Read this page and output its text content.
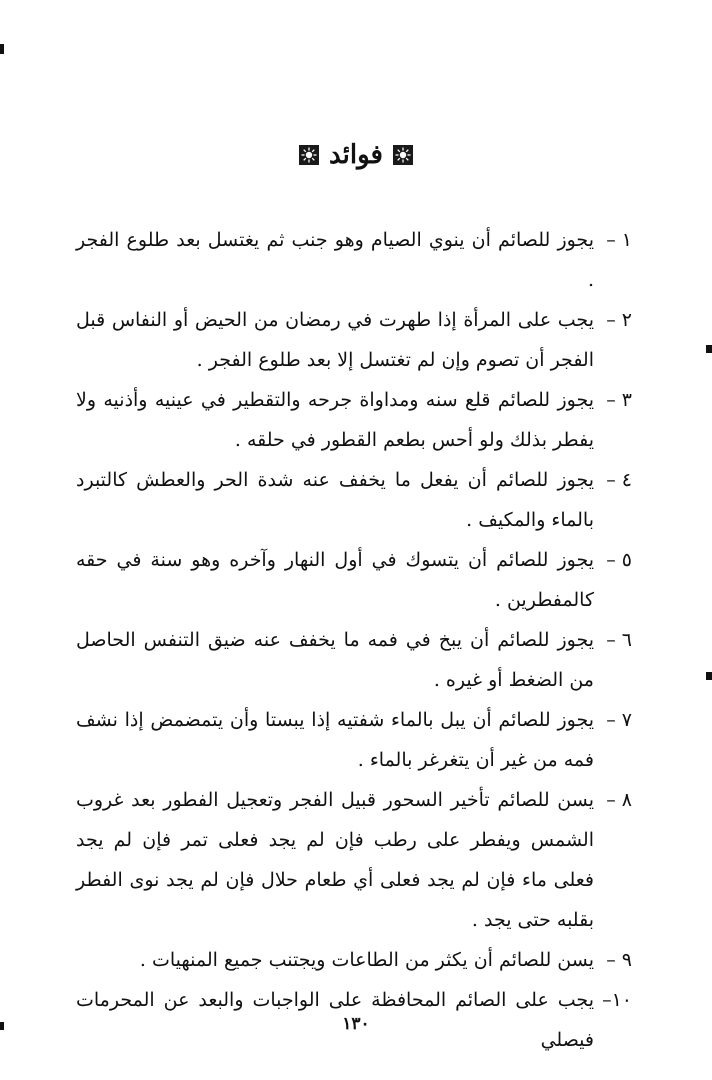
فوائد
١ –
يجوز للصائم أن ينوي الصيام وهو جنب ثم يغتسل بعد طلوع الفجر .
٢ –
يجب على المرأة إذا طهرت في رمضان من الحيض أو النفاس قبل الفجر أن تصوم وإن لم تغتسل إلا بعد طلوع الفجر .
٣ –
يجوز للصائم قلع سنه ومداواة جرحه والتقطير في عينيه وأذنيه ولا يفطر بذلك ولو أحس بطعم القطور في حلقه .
٤ –
يجوز للصائم أن يفعل ما يخفف عنه شدة الحر والعطش كالتبرد بالماء والمكيف .
٥ –
يجوز للصائم أن يتسوك في أول النهار وآخره وهو سنة في حقه كالمفطرين .
٦ –
يجوز للصائم أن يبخ في فمه ما يخفف عنه ضيق التنفس الحاصل من الضغط أو غيره .
٧ –
يجوز للصائم أن يبل بالماء شفتيه إذا يبستا وأن يتمضمض إذا نشف فمه من غير أن يتغرغر بالماء .
٨ –
يسن للصائم تأخير السحور قبيل الفجر وتعجيل الفطور بعد غروب الشمس ويفطر على رطب فإن لم يجد فعلى تمر فإن لم يجد فعلى ماء فإن لم يجد فعلى أي طعام حلال فإن لم يجد نوى الفطر بقلبه حتى يجد .
٩ –
يسن للصائم أن يكثر من الطاعات ويجتنب جميع المنهيات .
١٠–
يجب على الصائم المحافظة على الواجبات والبعد عن المحرمات فيصلي
١٣٠
